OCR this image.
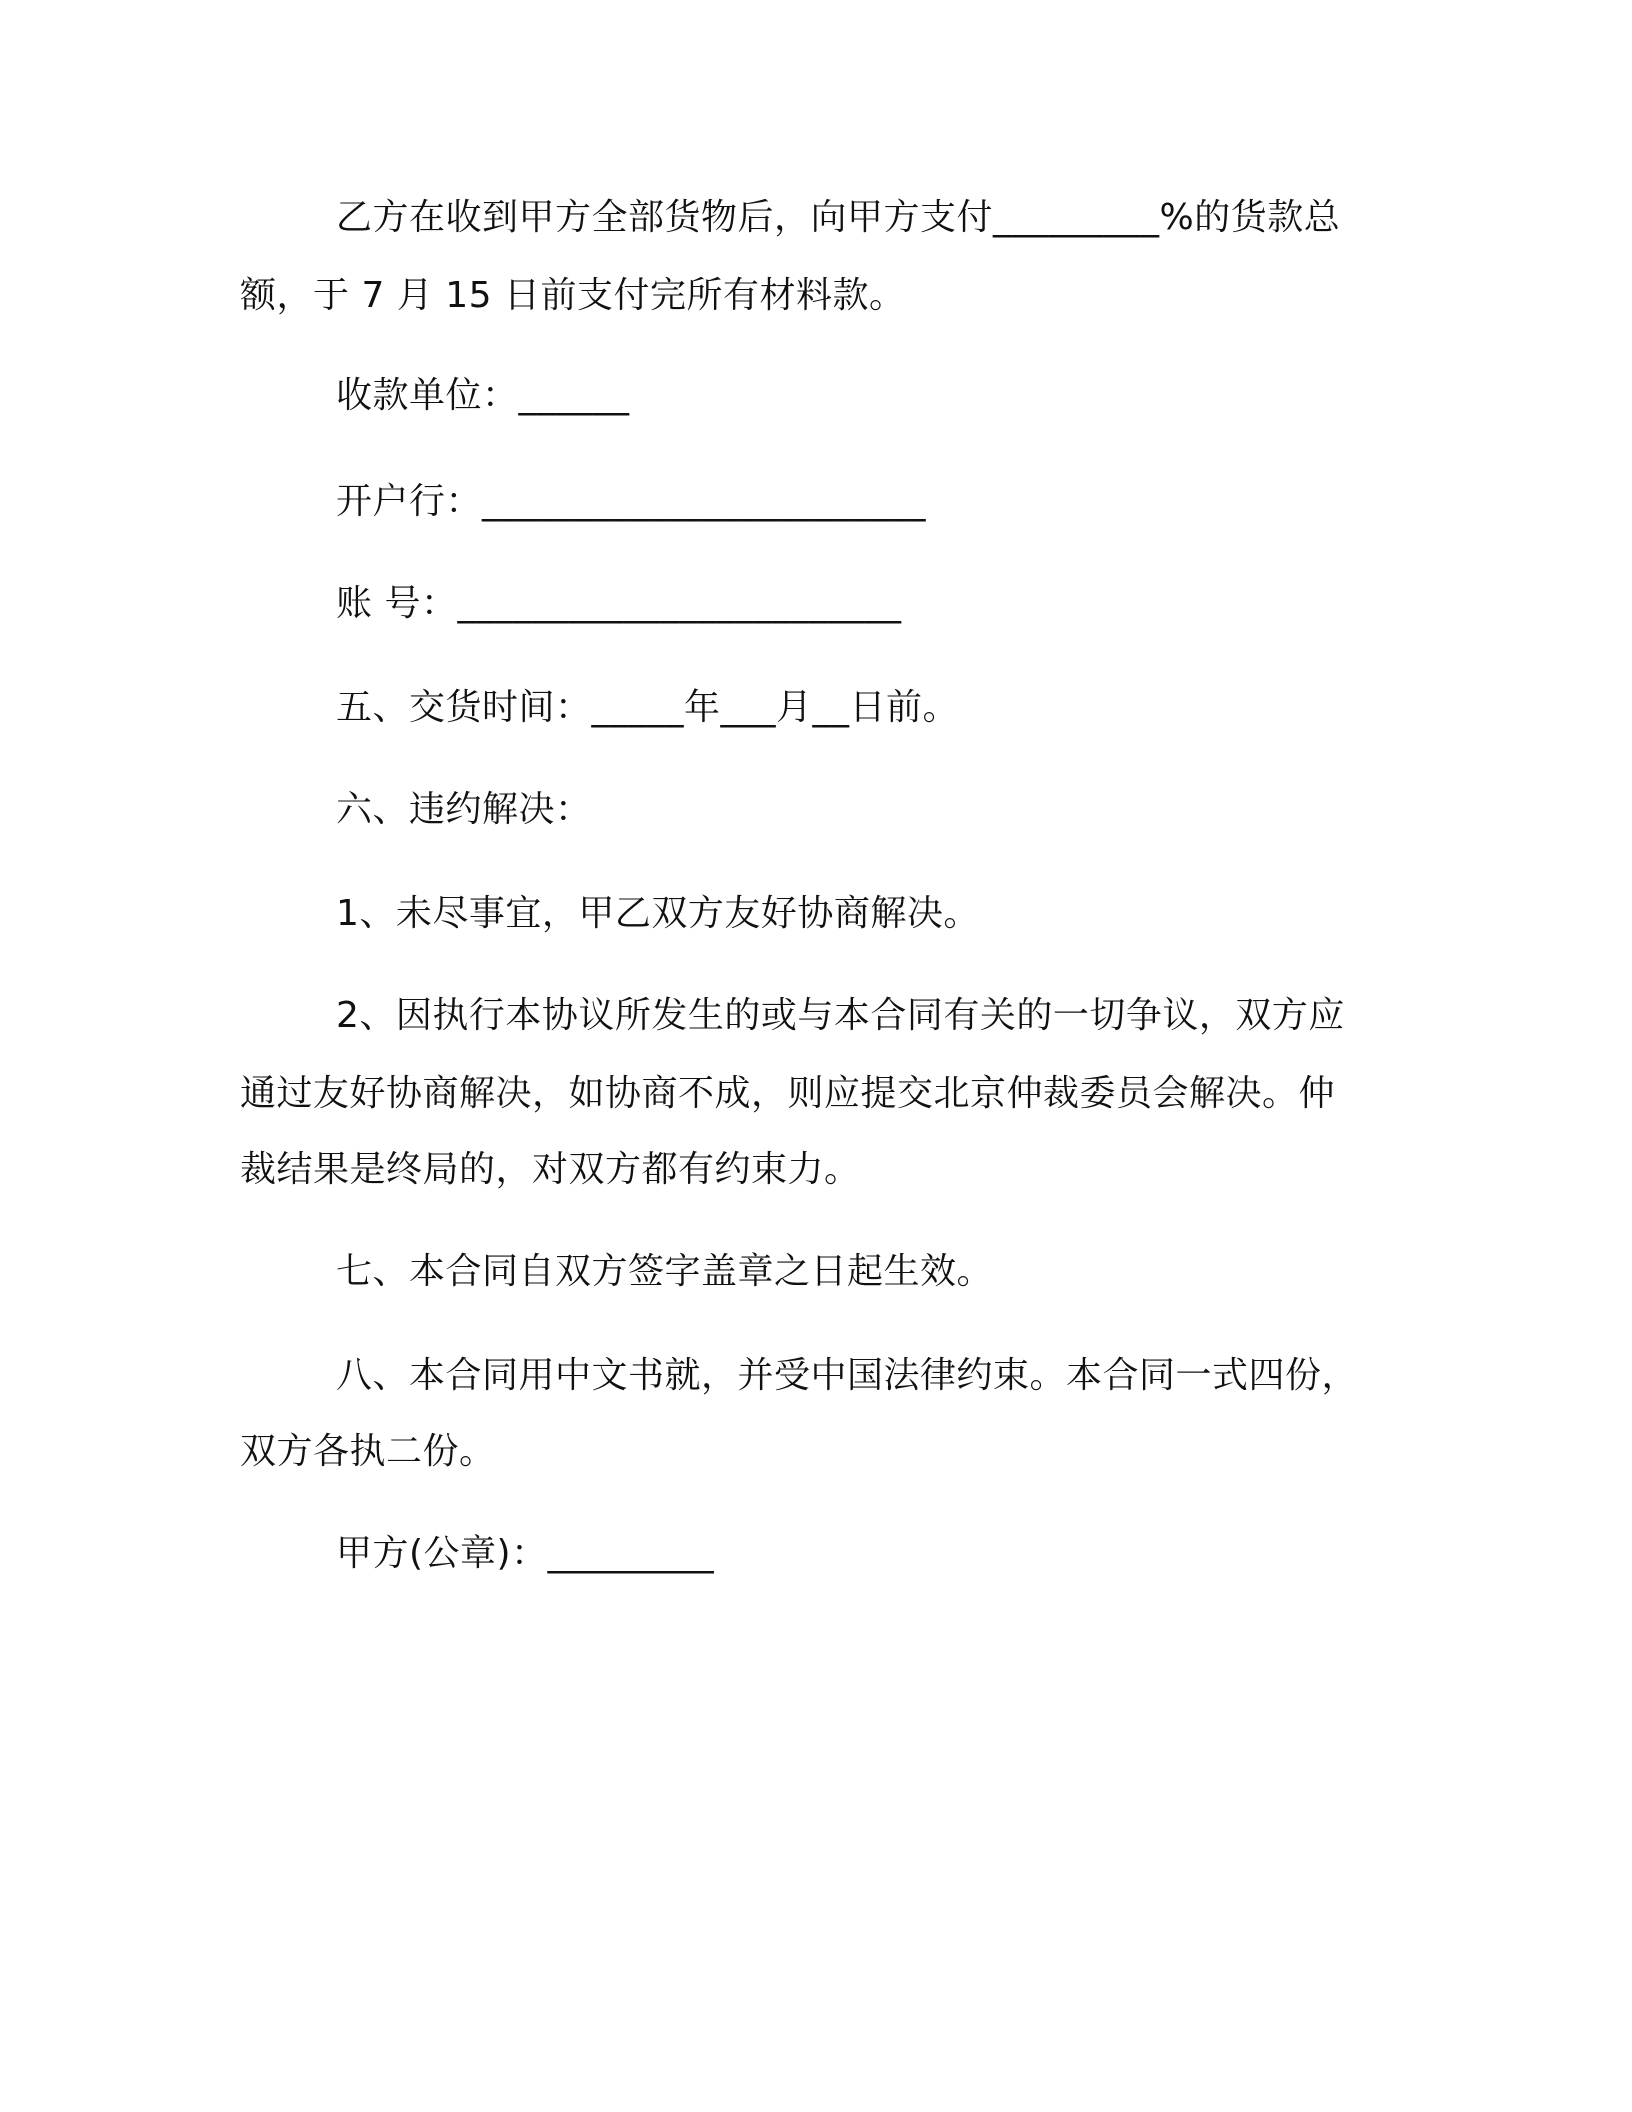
乙方在收到甲方全部货物后，向甲方支付_________%的货款总
额，于 7 月 15 日前支付完所有材料款。
收款单位：______
开户行：________________________
账 号：________________________
五、交货时间：_____年___月__日前。
六、违约解决：
1、未尽事宜，甲乙双方友好协商解决。
2、因执行本协议所发生的或与本合同有关的一切争议，双方应
通过友好协商解决，如协商不成，则应提交北京仲裁委员会解决。仲
裁结果是终局的，对双方都有约束力。
七、本合同自双方签字盖章之日起生效。
八、本合同用中文书就，并受中国法律约束。本合同一式四份，
双方各执二份。
甲方(公章)：_________
